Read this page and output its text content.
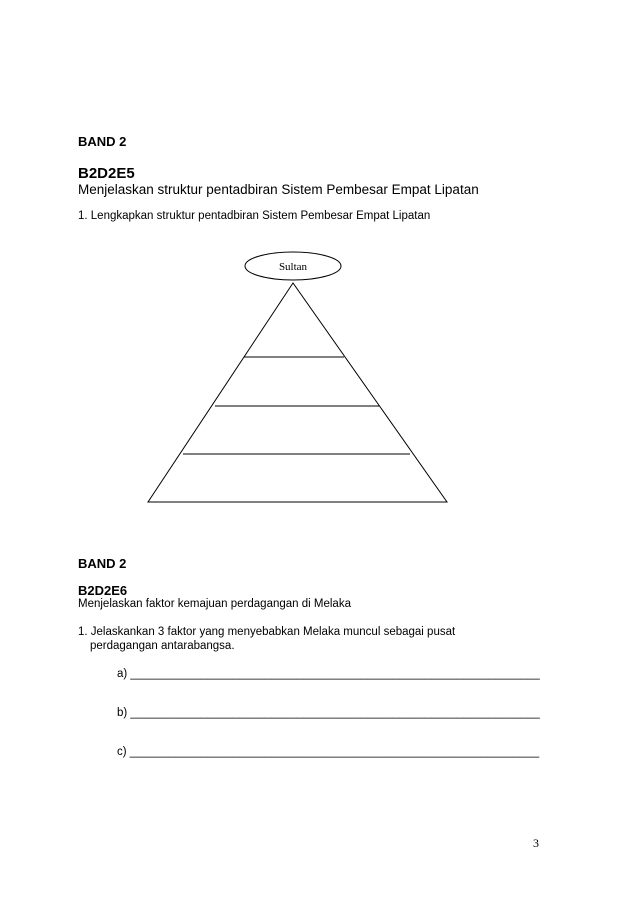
BAND 2
B2D2E5
Menjelaskan struktur pentadbiran Sistem Pembesar Empat Lipatan
1. Lengkapkan struktur pentadbiran Sistem Pembesar Empat Lipatan
Sultan
BAND 2
B2D2E6
Menjelaskan faktor kemajuan perdagangan di Melaka
1. Jelaskankan 3 faktor yang menyebabkan Melaka muncul sebagai pusat
perdagangan antarabangsa.
a) ________________________________________________________________
b) ________________________________________________________________
c) ________________________________________________________________
3
